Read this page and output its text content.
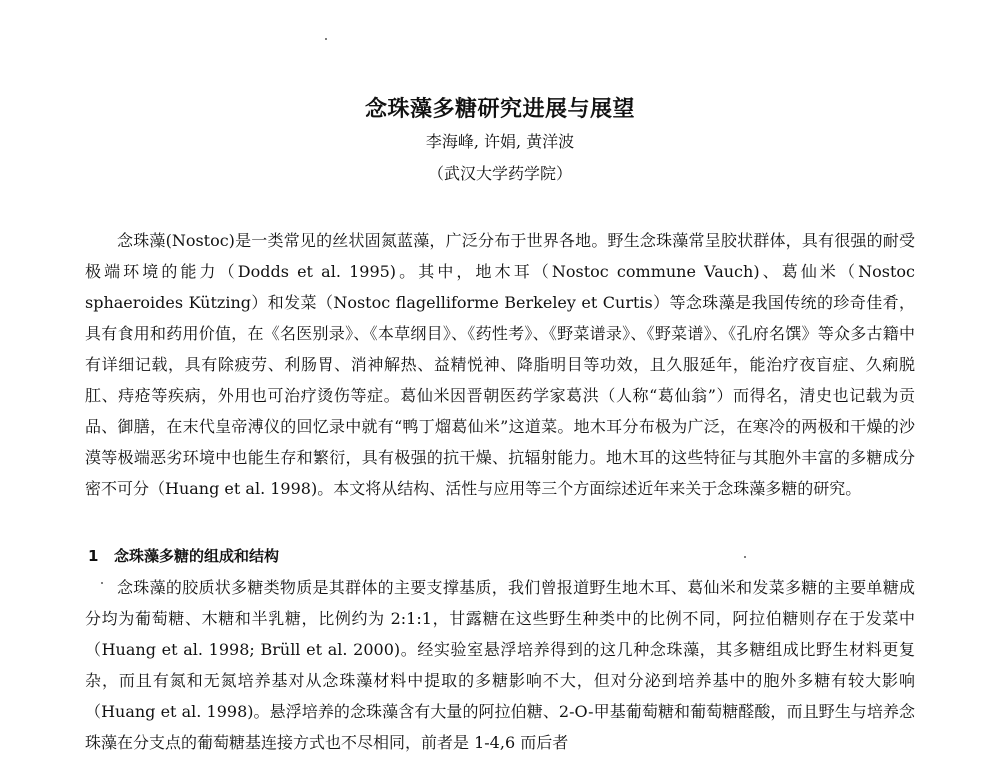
念珠藻多糖研究进展与展望
李海峰, 许娟, 黄洋波
（武汉大学药学院）

念珠藻(Nostoc)是一类常见的丝状固氮蓝藻，广泛分布于世界各地。野生念珠藻常呈胶状群体，具有很强的耐受极端环境的能力（Dodds et al. 1995)。其中，地木耳（Nostoc commune Vauch)、葛仙米（Nostoc sphaeroides Kützing）和发菜（Nostoc flagelliforme Berkeley et Curtis）等念珠藻是我国传统的珍奇佳肴，具有食用和药用价值，在《名医别录》、《本草纲目》、《药性考》、《野菜谱录》、《野菜谱》、《孔府名馔》等众多古籍中有详细记载，具有除疲劳、利肠胃、消神解热、益精悦神、降脂明目等功效，且久服延年，能治疗夜盲症、久痢脱肛、痔疮等疾病，外用也可治疗烫伤等症。葛仙米因晋朝医药学家葛洪（人称“葛仙翁”）而得名，清史也记载为贡品、御膳，在末代皇帝溥仪的回忆录中就有“鸭丁熘葛仙米”这道菜。地木耳分布极为广泛，在寒冷的两极和干燥的沙漠等极端恶劣环境中也能生存和繁衍，具有极强的抗干燥、抗辐射能力。地木耳的这些特征与其胞外丰富的多糖成分密不可分（Huang et al. 1998)。本文将从结构、活性与应用等三个方面综述近年来关于念珠藻多糖的研究。

1 念珠藻多糖的组成和结构

念珠藻的胶质状多糖类物质是其群体的主要支撑基质，我们曾报道野生地木耳、葛仙米和发菜多糖的主要单糖成分均为葡萄糖、木糖和半乳糖，比例约为 2:1:1，甘露糖在这些野生种类中的比例不同，阿拉伯糖则存在于发菜中（Huang et al. 1998; Brüll et al. 2000)。经实验室悬浮培养得到的这几种念珠藻，其多糖组成比野生材料更复杂，而且有氮和无氮培养基对从念珠藻材料中提取的多糖影响不大，但对分泌到培养基中的胞外多糖有较大影响（Huang et al. 1998)。悬浮培养的念珠藻含有大量的阿拉伯糖、2-O-甲基葡萄糖和葡萄糖醛酸，而且野生与培养念珠藻在分支点的葡萄糖基连接方式也不尽相同，前者是 1-4,6 而后者
